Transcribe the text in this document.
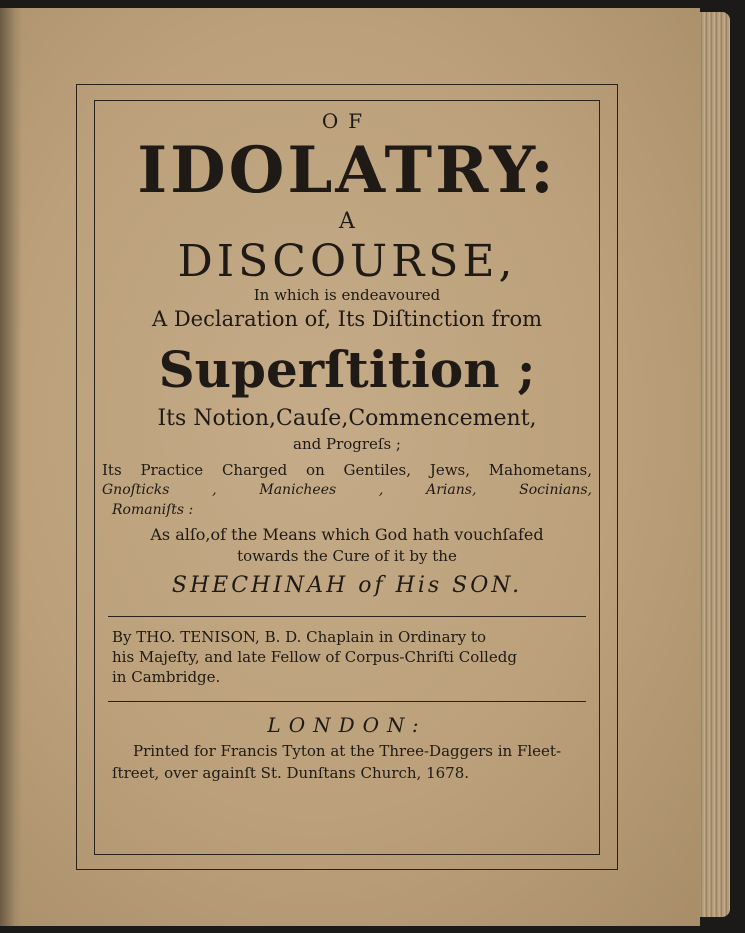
OF
IDOLATRY:
A
DISCOURSE,
In which is endeavoured
A Declaration of, Its Diſtinction from
Superſtition ;
Its Notion,Cauſe,Commencement,
and Progreſs ;
Its Practice Charged on Gentiles, Jews, Mahometans,
Gnoſticks , Manichees , Arians, Socinians,
Romaniſts :
As alſo,of the Means which God hath vouchſafed
towards the Cure of it by the
SHECHINAH of His SON.
By THO. TENISON, B. D. Chaplain in Ordinary to
his Majeſty, and late Fellow of Corpus-Chriſti Colledg
in Cambridge.
LONDON:
Printed for Francis Tyton at the Three-Daggers in Fleet-
ſtreet, over againſt St. Dunſtans Church, 1678.
